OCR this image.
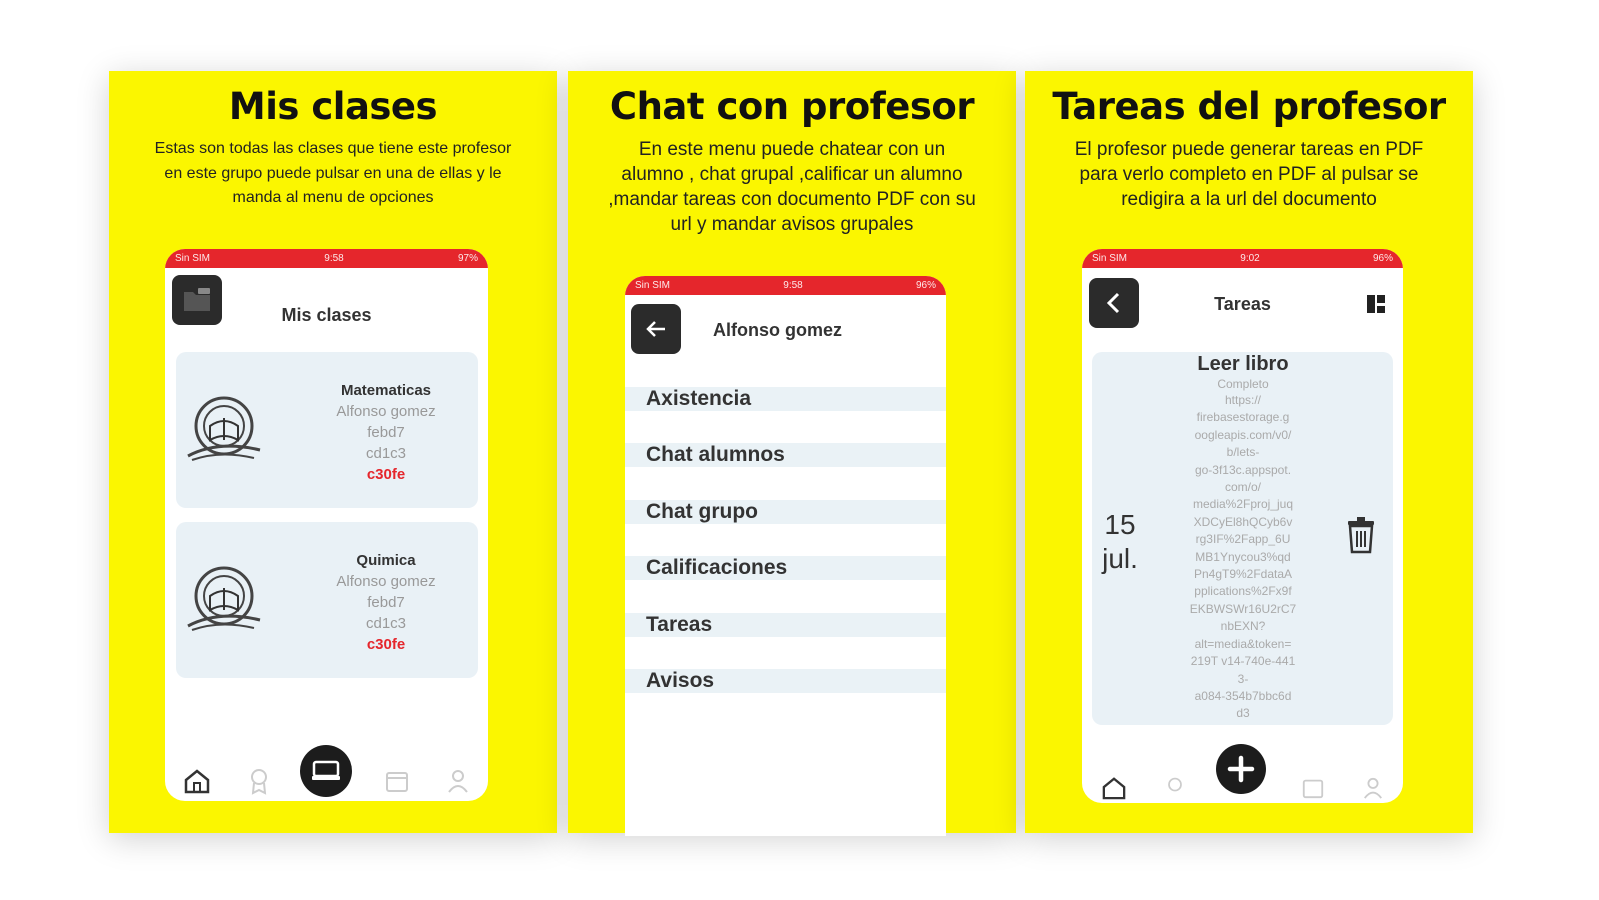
Mis clases
Estas son todas las clases que tiene este profesor en este grupo puede pulsar en una de ellas y le manda al menu de opciones
Sin SIM	9:58	97%
Mis clases
Matematicas
Alfonso gomez
febd7
cd1c3
c30fe
Quimica
Alfonso gomez
febd7
cd1c3
c30fe
Chat con profesor
En este menu puede chatear con un alumno , chat grupal ,calificar un alumno ,mandar tareas con documento PDF con su url y mandar avisos grupales
Sin SIM	9:58	96%
Alfonso gomez
Axistencia
Chat alumnos
Chat grupo
Calificaciones
Tareas
Avisos
Tareas del profesor
El profesor puede generar tareas en PDF para verlo completo en PDF al pulsar se redigira a la url del documento
Sin SIM	9:02	96%
Tareas
15
jul.
Leer libro
Completo
https://
firebasestorage.g
oogleapis.com/v0/
b/lets-
go-3f13c.appspot.
com/o/
media%2Fproj_juq
XDCyEl8hQCyb6v
rg3IF%2Fapp_6U
MB1Ynycou3%qd
Pn4gT9%2FdataA
pplications%2Fx9f
EKBWSWr16U2rC7
nbEXN?
alt=media&token=
219T v14-740e-441
3-
a084-354b7bbc6d
d3
